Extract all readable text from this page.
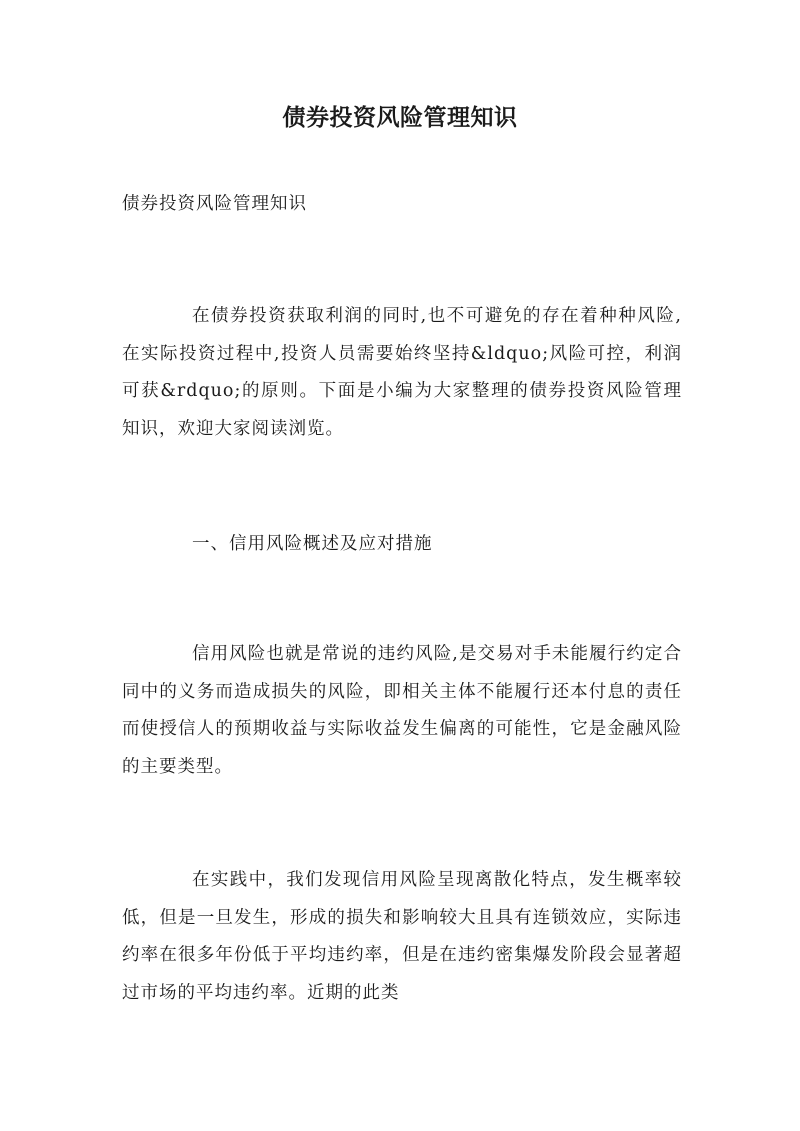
债券投资风险管理知识
债券投资风险管理知识
在债券投资获取利润的同时,也不可避免的存在着种种风险,在实际投资过程中,投资人员需要始终坚持&ldquo;风险可控，利润可获&rdquo;的原则。下面是小编为大家整理的债券投资风险管理知识，欢迎大家阅读浏览。
一、信用风险概述及应对措施
信用风险也就是常说的违约风险,是交易对手未能履行约定合同中的义务而造成损失的风险，即相关主体不能履行还本付息的责任而使授信人的预期收益与实际收益发生偏离的可能性，它是金融风险的主要类型。
在实践中，我们发现信用风险呈现离散化特点，发生概率较低，但是一旦发生，形成的损失和影响较大且具有连锁效应，实际违约率在很多年份低于平均违约率，但是在违约密集爆发阶段会显著超过市场的平均违约率。近期的此类
